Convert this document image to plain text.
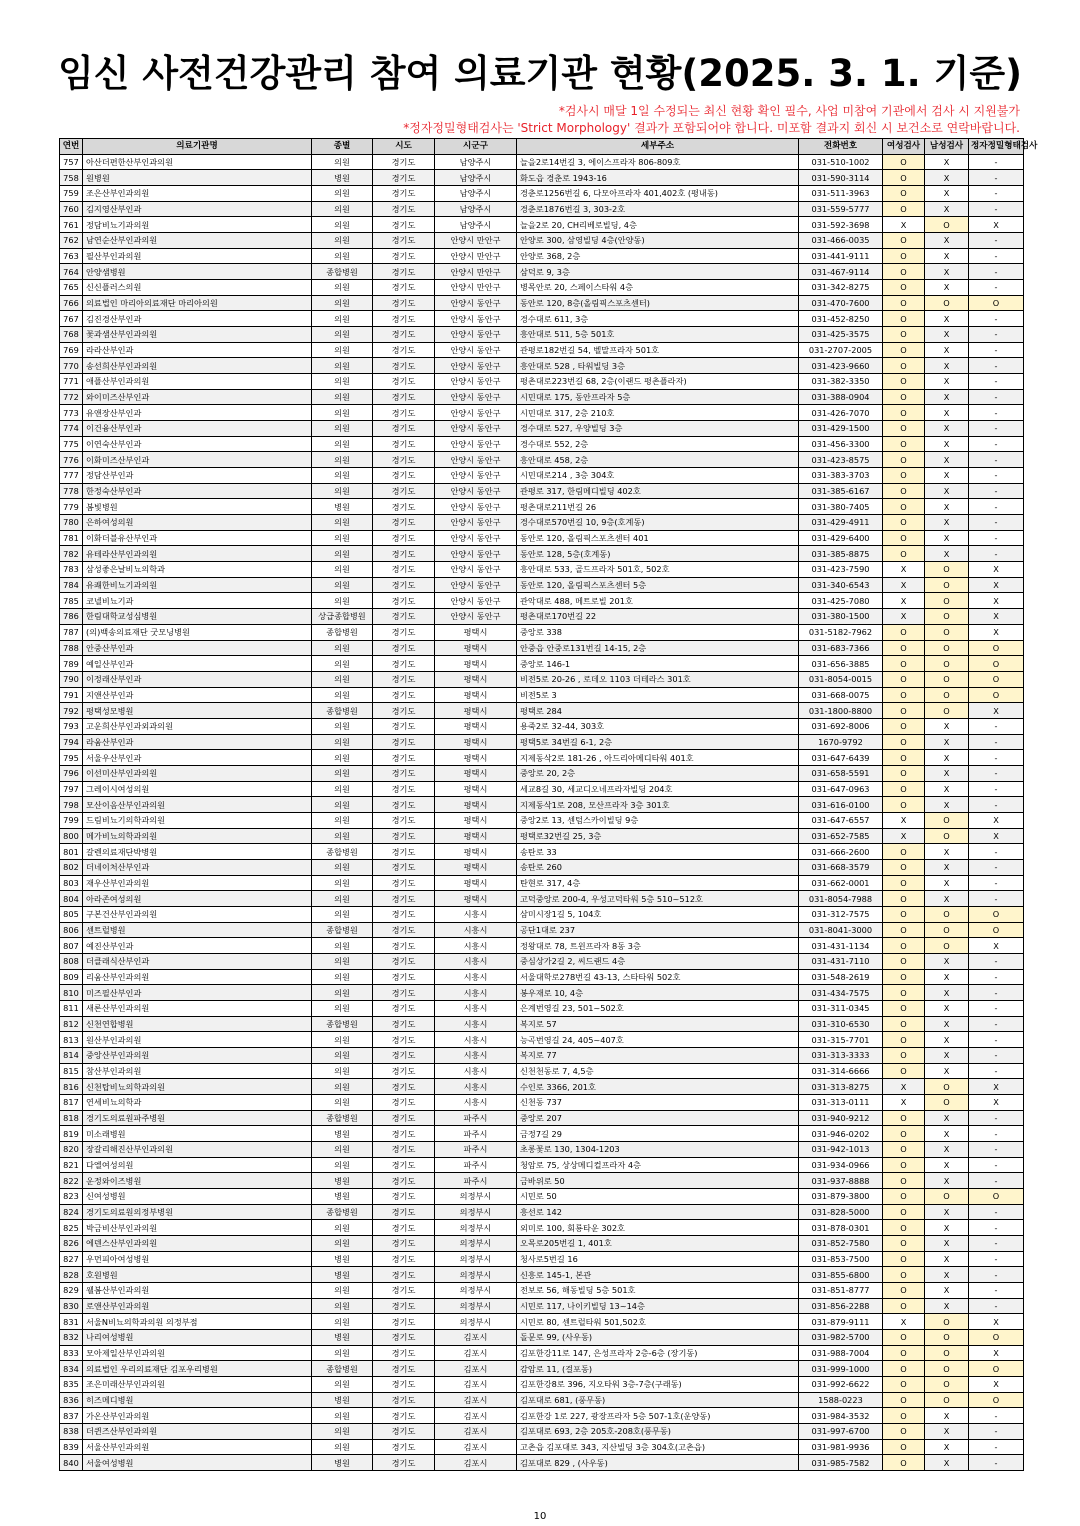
임신 사전건강관리 참여 의료기관 현황(2025. 3. 1. 기준)
*검사시 매달 1일 수정되는 최신 현황 확인 필수, 사업 미참여 기관에서 검사 시 지원불가
*정자정밀형태검사는 'Strict Morphology' 결과가 포함되어야 합니다. 미포함 결과지 회신 시 보건소로 연락바랍니다.
연번	의료기관명	종별	시도	시군구	세부주소	전화번호	여성검사	남성검사	정자정밀형태검사
757	아산더편한산부인과의원	의원	경기도	남양주시	늘을2로14번길 3, 에이스프라자 806-809호	031-510-1002	O	X	-
758	원병원	병원	경기도	남양주시	화도읍 경춘로 1943-16	031-590-3114	O	X	-
759	조은산부인과의원	의원	경기도	남양주시	경춘로1256번길 6, 다모아프라자 401,402호 (평내동)	031-511-3963	O	X	-
760	김지영산부인과	의원	경기도	남양주시	경춘로1876번길 3, 303-2호	031-559-5777	O	X	-
761	정담비뇨기과의원	의원	경기도	남양주시	늘을2로 20, CH리베로빌딩, 4층	031-592-3698	X	O	X
762	남연순산부인과의원	의원	경기도	안양시 만안구	안양로 300, 삼영빌딩 4층(안양동)	031-466-0035	O	X	-
763	필산부인과의원	의원	경기도	안양시 만안구	안양로 368, 2층	031-441-9111	O	X	-
764	안양샘병원	종합병원	경기도	안양시 만안구	삼덕로 9, 3층	031-467-9114	O	X	-
765	신신플러스의원	의원	경기도	안양시 만안구	병목안로 20, 스페이스타워 4층	031-342-8275	O	X	-
766	의료법인 마리아의료재단 마리아의원	의원	경기도	안양시 동안구	동안로 120, 8층(올림픽스포츠센터)	031-470-7600	O	O	O
767	김진경산부인과	의원	경기도	안양시 동안구	경수대로 611, 3층	031-452-8250	O	X	-
768	꽃과샘산부인과의원	의원	경기도	안양시 동안구	흥안대로 511, 5층 501호	031-425-3575	O	X	-
769	라라산부인과	의원	경기도	안양시 동안구	관평로182번길 54, 벨말프라자 501호	031-2707-2005	O	X	-
770	송선희산부인과의원	의원	경기도	안양시 동안구	흥안대로 528 , 타워빌딩 3층	031-423-9660	O	X	-
771	애플산부인과의원	의원	경기도	안양시 동안구	평촌대로223번길 68, 2층(이랜드 평촌플라자)	031-382-3350	O	X	-
772	와이미즈산부인과	의원	경기도	안양시 동안구	시민대로 175, 동안프라자 5층	031-388-0904	O	X	-
773	유앤장산부인과	의원	경기도	안양시 동안구	시민대로 317, 2층 210호	031-426-7070	O	X	-
774	이건융산부인과	의원	경기도	안양시 동안구	경수대로 527, 우양빌딩 3층	031-429-1500	O	X	-
775	이연숙산부인과	의원	경기도	안양시 동안구	경수대로 552, 2층	031-456-3300	O	X	-
776	이화미즈산부인과	의원	경기도	안양시 동안구	흥안대로 458, 2층	031-423-8575	O	X	-
777	정담산부인과	의원	경기도	안양시 동안구	시민대로214 , 3층 304호	031-383-3703	O	X	-
778	한정숙산부인과	의원	경기도	안양시 동안구	관평로 317, 한림메디빌딩 402호	031-385-6167	O	X	-
779	봄빛병원	병원	경기도	안양시 동안구	평촌대로211번길 26	031-380-7405	O	X	-
780	은하여성의원	의원	경기도	안양시 동안구	경수대로570번길 10, 9층(호계동)	031-429-4911	O	X	-
781	이화더블유산부인과	의원	경기도	안양시 동안구	동안로 120, 올림픽스포츠센터 401	031-429-6400	O	X	-
782	유테라산부인과의원	의원	경기도	안양시 동안구	동안로 128, 5층(호계동)	031-385-8875	O	X	-
783	삼성좋은날비뇨의학과	의원	경기도	안양시 동안구	흥안대로 533, 골드프라자 501호, 502호	031-423-7590	X	O	X
784	유쾌한비뇨기과의원	의원	경기도	안양시 동안구	동안로 120, 올림픽스포츠센터 5층	031-340-6543	X	O	X
785	코넬비뇨기과	의원	경기도	안양시 동안구	관악대로 488, 메트로빌 201호	031-425-7080	X	O	X
786	한림대학교성심병원	상급종합병원	경기도	안양시 동안구	평촌대로170번길 22	031-380-1500	X	O	X
787	(의)백송의료재단 굿모닝병원	종합병원	경기도	평택시	중앙로 338	031-5182-7962	O	O	X
788	안중산부인과	의원	경기도	평택시	안중읍 안중로131번길 14-15, 2층	031-683-7366	O	O	O
789	예일산부인과	의원	경기도	평택시	중앙로 146-1	031-656-3885	O	O	O
790	이정래산부인과	의원	경기도	평택시	비전5로 20-26 , 로데오 1103 더테라스 301호	031-8054-0015	O	O	O
791	지앤산부인과	의원	경기도	평택시	비전5로 3	031-668-0075	O	O	O
792	평택성모병원	종합병원	경기도	평택시	평택로 284	031-1800-8800	O	O	X
793	고운희산부인과외과의원	의원	경기도	평택시	용죽2로 32-44, 303호	031-692-8006	O	X	-
794	라움산부인과	의원	경기도	평택시	평택5로 34번길 6-1, 2층	1670-9792	O	X	-
795	서울우산부인과	의원	경기도	평택시	지제동삭2로 181-26 , 아드리아메디타워 401호	031-647-6439	O	X	-
796	이선미산부인과의원	의원	경기도	평택시	중앙로 20, 2층	031-658-5591	O	X	-
797	그레이시여성의원	의원	경기도	평택시	세교8길 30, 세교디오네프라자빌딩 204호	031-647-0963	O	X	-
798	모산이음산부인과의원	의원	경기도	평택시	지제동삭1로 208, 모산프라자 3층 301호	031-616-0100	O	X	-
799	드림비뇨기의학과의원	의원	경기도	평택시	중앙2로 13, 센텀스카이빌딩 9층	031-647-6557	X	O	X
800	메가비뇨의학과의원	의원	경기도	평택시	평택로32번길 25, 3층	031-652-7585	X	O	X
801	갈렌의료재단박병원	종합병원	경기도	평택시	송탄로 33	031-666-2600	O	X	-
802	더네이처산부인과	의원	경기도	평택시	송탄로 260	031-668-3579	O	X	-
803	재우산부인과의원	의원	경기도	평택시	탄현로 317, 4층	031-662-0001	O	X	-
804	아라존여성의원	의원	경기도	평택시	고덕중앙로 200-4, 우성고덕타워 5층 510~512호	031-8054-7988	O	X	-
805	구본건산부인과의원	의원	경기도	시흥시	삼미시장1길 5, 104호	031-312-7575	O	O	O
806	센트럴병원	종합병원	경기도	시흥시	공단1대로 237	031-8041-3000	O	O	O
807	예진산부인과	의원	경기도	시흥시	정왕대로 78, 트윈프라자 8동 3층	031-431-1134	O	O	X
808	더클래식산부인과	의원	경기도	시흥시	중심상가2길 2, 씨드랜드 4층	031-431-7110	O	X	-
809	리움산부인과의원	의원	경기도	시흥시	서울대학로278번길 43-13, 스타타워 502호	031-548-2619	O	X	-
810	미즈필산부인과	의원	경기도	시흥시	봉우재로 10, 4층	031-434-7575	O	X	-
811	새론산부인과의원	의원	경기도	시흥시	은계번영길 23, 501~502호	031-311-0345	O	X	-
812	신천연합병원	종합병원	경기도	시흥시	복지로 57	031-310-6530	O	X	-
813	원산부인과의원	의원	경기도	시흥시	능곡번영길 24, 405~407호	031-315-7701	O	X	-
814	중앙산부인과의원	의원	경기도	시흥시	복지로 77	031-313-3333	O	X	-
815	참산부인과의원	의원	경기도	시흥시	신천천동로 7, 4,5층	031-314-6666	O	X	-
816	신천탑비뇨의학과의원	의원	경기도	시흥시	수인로 3366, 201호	031-313-8275	X	O	X
817	연세비뇨의학과	의원	경기도	시흥시	신천동 737	031-313-0111	X	O	X
818	경기도의료원파주병원	종합병원	경기도	파주시	중앙로 207	031-940-9212	O	X	-
819	미소래병원	병원	경기도	파주시	금정7길 29	031-946-0202	O	X	-
820	장갈리해진산부인과의원	의원	경기도	파주시	초롱꽃로 130, 1304-1203	031-942-1013	O	X	-
821	다엘여성의원	의원	경기도	파주시	청암로 75, 상상메디컬프라자 4층	031-934-0966	O	X	-
822	운정와이즈병원	병원	경기도	파주시	금바위로 50	031-937-8888	O	X	-
823	신여성병원	병원	경기도	의정부시	시민로 50	031-879-3800	O	O	O
824	경기도의료원의정부병원	종합병원	경기도	의정부시	흥선로 142	031-828-5000	O	X	-
825	박금비산부인과의원	의원	경기도	의정부시	외미로 100, 회룡타운 302호	031-878-0301	O	X	-
826	에덴스산부인과의원	의원	경기도	의정부시	오목로205번길 1, 401호	031-852-7580	O	X	-
827	우먼피아여성병원	병원	경기도	의정부시	청사로5번길 16	031-853-7500	O	X	-
828	호원병원	병원	경기도	의정부시	신흥로 145-1, 본관	031-855-6800	O	X	-
829	웰봄산부인과의원	의원	경기도	의정부시	전보로 56, 해동빌딩 5층 501호	031-851-8777	O	X	-
830	로앤산부인과의원	의원	경기도	의정부시	시민로 117, 나이키빌딩 13~14층	031-856-2288	O	X	-
831	서울N비뇨의학과의원 의정부점	의원	경기도	의정부시	시민로 80, 센트럴타워 501,502호	031-879-9111	X	O	X
832	나리여성병원	병원	경기도	김포시	돌문로 99, (사우동)	031-982-5700	O	O	O
833	모아제일산부인과의원	의원	경기도	김포시	김포한강11로 147, 은성프라자 2층-6층 (장기동)	031-988-7004	O	O	X
834	의료법인 우리의료재단 김포우리병원	종합병원	경기도	김포시	감암로 11, (걸포동)	031-999-1000	O	O	O
835	조은미래산부인과의원	의원	경기도	김포시	김포한강8로 396, 지오타워 3층-7층(구래동)	031-992-6622	O	O	X
836	히즈메디병원	병원	경기도	김포시	김포대로 681, (풍무동)	1588-0223	O	O	O
837	가온산부인과의원	의원	경기도	김포시	김포한강 1로 227, 광장프라자 5층 507-1호(운양동)	031-984-3532	O	X	-
838	더퀸즈산부인과의원	의원	경기도	김포시	김포대로 693, 2층 205호-208호(풍무동)	031-997-6700	O	X	-
839	서울산부인과의원	의원	경기도	김포시	고촌읍 김포대로 343, 지산빌딩 3층 304호(고촌읍)	031-981-9936	O	X	-
840	서울여성병원	병원	경기도	김포시	김포대로 829 , (사우동)	031-985-7582	O	X	-
10
